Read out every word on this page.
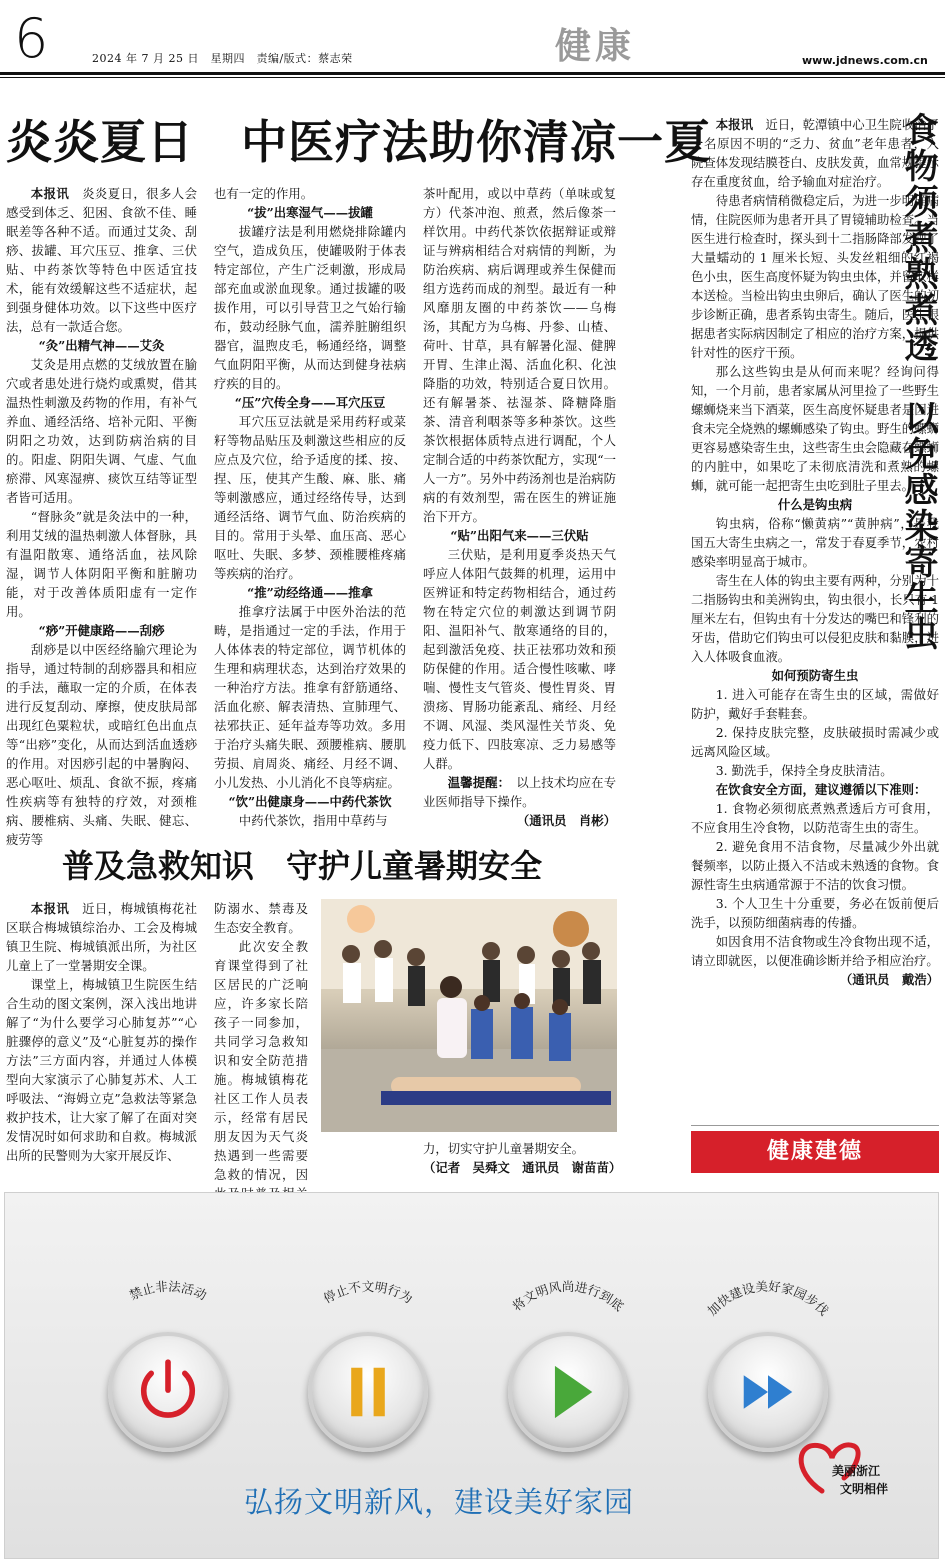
6	2024 年 7 月 25 日　星期四　责编/版式：蔡志荣	健康	www.jdnews.com.cn
炎炎夏日　中医疗法助你清凉一夏

本报讯　 炎炎夏日，很多人会感受到体乏、犯困、食欲不佳、睡眠差等各种不适。而通过艾灸、刮痧、拔罐、耳穴压豆、推拿、三伏贴、中药茶饮等特色中医适宜技术，能有效缓解这些不适症状，起到强身健体功效。以下这些中医疗法，总有一款适合您。

“灸”出精气神——艾灸

艾灸是用点燃的艾绒放置在腧穴或者患处进行烧灼或熏熨，借其温热性刺激及药物的作用，有补气养血、通经活络、培补元阳、平衡阴阳之功效，达到防病治病的目的。阳虚、阴阳失调、气虚、气血瘀滞、风寒湿痹、痰饮互结等证型者皆可适用。

“督脉灸”就是灸法中的一种，利用艾绒的温热刺激人体督脉，具有温阳散寒、通络活血，祛风除湿，调节人体阴阳平衡和脏腑功能，对于改善体质阳虚有一定作用。

“痧”开健康路——刮痧

刮痧是以中医经络腧穴理论为指导，通过特制的刮痧器具和相应的手法，蘸取一定的介质，在体表进行反复刮动、摩擦，使皮肤局部出现红色粟粒状，或暗红色出血点等“出痧”变化，从而达到活血透痧的作用。对因痧引起的中暑胸闷、恶心呕吐、烦乱、食欲不振，疼痛性疾病等有独特的疗效，对颈椎病、腰椎病、头痛、失眠、健忘、疲劳等

也有一定的作用。

“拔”出寒湿气——拔罐

拔罐疗法是利用燃烧排除罐内空气，造成负压，使罐吸附于体表特定部位，产生广泛刺激，形成局部充血或淤血现象。通过拔罐的吸拔作用，可以引导营卫之气始行输布，鼓动经脉气血，濡养脏腑组织器官，温煦皮毛，畅通经络，调整气血阴阳平衡，从而达到健身祛病疗疾的目的。

“压”穴传全身——耳穴压豆

耳穴压豆法就是采用药籽或菜籽等物品贴压及刺激这些相应的反应点及穴位，给予适度的揉、按、捏、压，使其产生酸、麻、胀、痛等刺激感应，通过经络传导，达到通经活络、调节气血、防治疾病的目的。常用于头晕、血压高、恶心呕吐、失眠、多梦、颈椎腰椎疼痛等疾病的治疗。

“推”动经络通——推拿

推拿疗法属于中医外治法的范畴，是指通过一定的手法，作用于人体体表的特定部位，调节机体的生理和病理状态，达到治疗效果的一种治疗方法。推拿有舒筋通络、活血化瘀、解表清热、宣肺理气、祛邪扶正、延年益寿等功效。多用于治疗头痛失眠、颈腰椎病、腰肌劳损、肩周炎、痛经、月经不调、小儿发热、小儿消化不良等病症。

“饮”出健康身——中药代茶饮

中药代茶饮，指用中草药与

茶叶配用，或以中草药（单味或复方）代茶冲泡、煎煮，然后像茶一样饮用。中药代茶饮依据辩证或辩证与辨病相结合对病情的判断，为防治疾病、病后调理或养生保健而组方选药而成的剂型。最近有一种风靡朋友圈的中药茶饮——乌梅汤，其配方为乌梅、丹参、山楂、荷叶、甘草，具有解暑化湿、健脾开胃、生津止渴、活血化积、化浊降脂的功效，特别适合夏日饮用。还有解暑茶、祛湿茶、降糖降脂茶、清音利咽茶等多种茶饮。这些茶饮根据体质特点进行调配，个人定制合适的中药茶饮配方，实现“一人一方”。另外中药汤剂也是治病防病的有效剂型，需在医生的辨证施治下开方。

“贴”出阳气来——三伏贴

三伏贴，是利用夏季炎热天气呼应人体阳气鼓舞的机理，运用中医辨证和特定药物相结合，通过药物在特定穴位的刺激达到调节阴阳、温阳补气、散寒通络的目的，起到激活免疫、扶正祛邪功效和预防保健的作用。适合慢性咳嗽、哮喘、慢性支气管炎、慢性胃炎、胃溃疡、胃肠功能紊乱、痛经、月经不调、风湿、类风湿性关节炎、免疫力低下、四肢寒凉、乏力易感等人群。

温馨提醒：　 以上技术均应在专业医师指导下操作。

（通讯员　肖彬）

普及急救知识　守护儿童暑期安全

本报讯　 近日，梅城镇梅花社区联合梅城镇综治办、工会及梅城镇卫生院、梅城镇派出所，为社区儿童上了一堂暑期安全课。

课堂上，梅城镇卫生院医生结合生动的图文案例，深入浅出地讲解了“为什么要学习心肺复苏”“心脏骤停的意义”及“心脏复苏的操作方法”三方面内容，并通过人体模型向大家演示了心肺复苏术、人工呼吸法、“海姆立克”急救法等紧急救护技术，让大家了解了在面对突发情况时如何求助和自救。梅城派出所的民警则为大家开展反诈、

防溺水、禁毒及生态安全教育。

此次安全教育课堂得到了社区居民的广泛响应，许多家长陪孩子一同参加，共同学习急救知识和安全防范措施。梅城镇梅花社区工作人员表示，经常有居民朋友因为天气炎热遇到一些需要急救的情况，因

力，切实守护儿童暑期安全。

（记者　吴舜文　通讯员　谢苗苗）

食物须煮熟煮透　以免感染寄生虫

本报讯　 近日，乾潭镇中心卫生院收治了一名原因不明的“乏力、贫血”老年患者，入院查体发现结膜苍白、皮肤发黄，血常规提示存在重度贫血，给予输血对症治疗。

待患者病情稍微稳定后，为进一步明确病情，住院医师为患者开具了胃镜辅助检查。当医生进行检查时，探头到十二指肠降部发现了大量蠕动的 1 厘米长短、头发丝粗细的红褐色小虫，医生高度怀疑为钩虫虫体，并留取样本送检。当检出钩虫虫卵后，确认了医生的初步诊断正确，患者系钩虫寄生。随后，医生根据患者实际病因制定了相应的治疗方案，提供针对性的医疗干预。

那么这些钩虫是从何而来呢？经询问得知，一个月前，患者家属从河里捡了一些野生螺蛳烧来当下酒菜，医生高度怀疑患者是因进食未完全烧熟的螺蛳感染了钩虫。野生的螺蛳更容易感染寄生虫，这些寄生虫会隐藏在螺蛳的内脏中，如果吃了未彻底清洗和煮熟的螺蛳，就可能一起把寄生虫吃到肚子里去。

什么是钩虫病

钩虫病，俗称“懒黄病”“黄肿病”，是我国五大寄生虫病之一，常发于春夏季节，农村感染率明显高于城市。

寄生在人体的钩虫主要有两种，分别为十二指肠钩虫和美洲钩虫，钩虫很小，长只有 1 厘米左右，但钩虫有十分发达的嘴巴和锋利的牙齿，借助它们钩虫可以侵犯皮肤和黏膜，进入人体吸食血液。

如何预防寄生虫

1. 进入可能存在寄生虫的区域，需做好防护，戴好手套鞋套。

2. 保持皮肤完整，皮肤破损时需减少或远离风险区域。

3. 勤洗手，保持全身皮肤清洁。

在饮食安全方面，建议遵循以下准则：

1. 食物必须彻底煮熟煮透后方可食用，不应食用生冷食物，以防范寄生虫的寄生。

2. 避免食用不洁食物，尽量减少外出就餐频率，以防止摄入不洁或未熟透的食物。食源性寄生虫病通常源于不洁的饮食习惯。

3. 个人卫生十分重要，务必在饭前便后洗手，以预防细菌病毒的传播。

如因食用不洁食物或生冷食物出现不适，请立即就医，以便准确诊断并给予相应治疗。

（通讯员　戴浩）

健康建德
禁止非法活动	停止不文明行为	将文明风尚进行到底	加快建设美好家园步伐
弘扬文明新风，建设美好家园
美丽浙江
文明相伴
